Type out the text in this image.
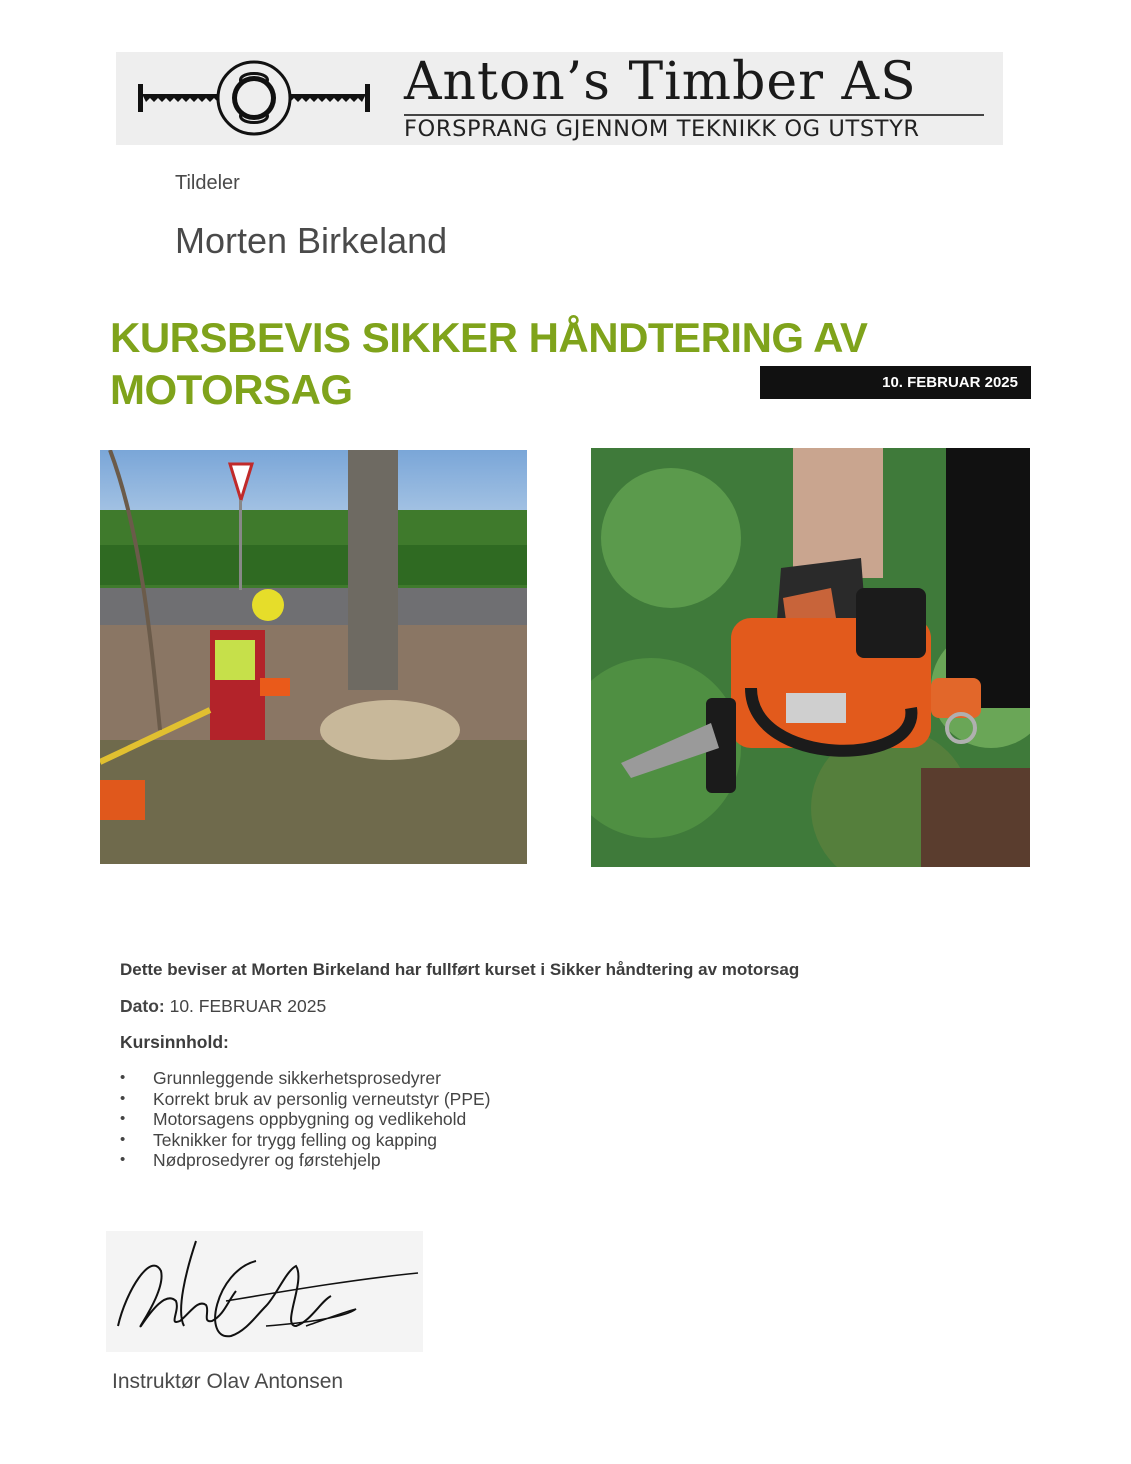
Anton’s Timber AS
FORSPRANG GJENNOM TEKNIKK OG UTSTYR
Tildeler
Morten Birkeland
KURSBEVIS SIKKER HÅNDTERING AV MOTORSAG	10. FEBRUAR 2025
Dette beviser at Morten Birkeland har fullført kurset i Sikker håndtering av motorsag
Dato: 10. FEBRUAR 2025
Kursinnhold:
• Grunnleggende sikkerhetsprosedyrer
• Korrekt bruk av personlig verneutstyr (PPE)
• Motorsagens oppbygning og vedlikehold
• Teknikker for trygg felling og kapping
• Nødprosedyrer og førstehjelp
Instruktør Olav Antonsen
